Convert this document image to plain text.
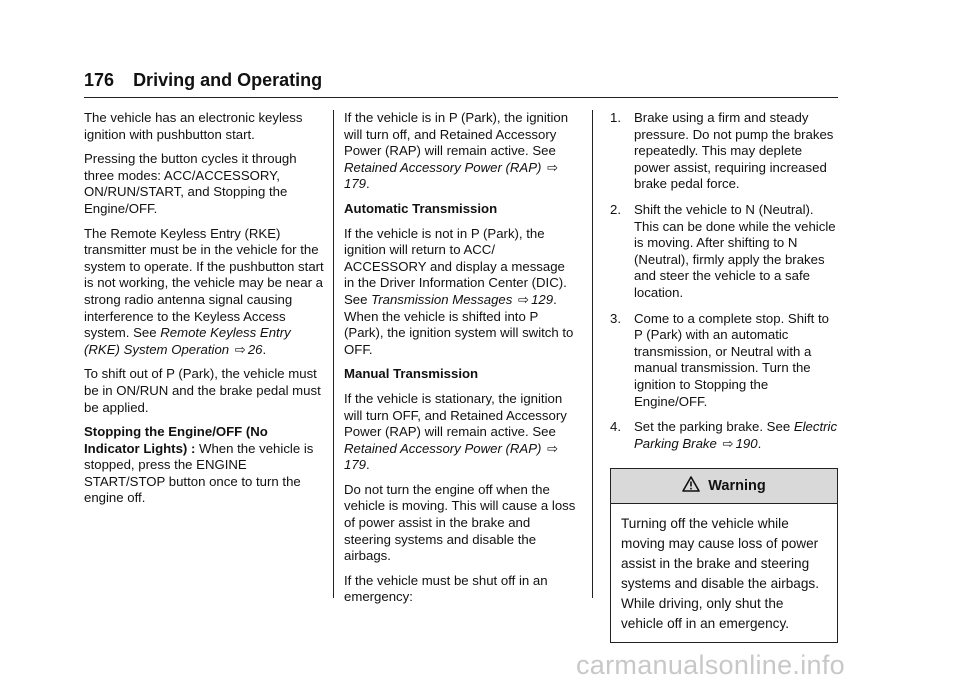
176 Driving and Operating

The vehicle has an electronic keyless ignition with pushbutton start.

Pressing the button cycles it through three modes: ACC/ACCESSORY, ON/RUN/START, and Stopping the Engine/OFF.

The Remote Keyless Entry (RKE) transmitter must be in the vehicle for the system to operate. If the pushbutton start is not working, the vehicle may be near a strong radio antenna signal causing interference to the Keyless Access system. See Remote Keyless Entry (RKE) System Operation ⇨ 26.

To shift out of P (Park), the vehicle must be in ON/RUN and the brake pedal must be applied.

Stopping the Engine/OFF (No Indicator Lights) : When the vehicle is stopped, press the ENGINE START/STOP button once to turn the engine off.

If the vehicle is in P (Park), the ignition will turn off, and Retained Accessory Power (RAP) will remain active. See Retained Accessory Power (RAP) ⇨179.

Automatic Transmission

If the vehicle is not in P (Park), the ignition will return to ACC/ ACCESSORY and display a message in the Driver Information Center (DIC). See Transmission Messages ⇨ 129. When the vehicle is shifted into P (Park), the ignition system will switch to OFF.

Manual Transmission

If the vehicle is stationary, the ignition will turn OFF, and Retained Accessory Power (RAP) will remain active. See Retained Accessory Power (RAP) ⇨179.

Do not turn the engine off when the vehicle is moving. This will cause a loss of power assist in the brake and steering systems and disable the airbags.

If the vehicle must be shut off in an emergency:

1. Brake using a firm and steady pressure. Do not pump the brakes repeatedly. This may deplete power assist, requiring increased brake pedal force.
2. Shift the vehicle to N (Neutral). This can be done while the vehicle is moving. After shifting to N (Neutral), firmly apply the brakes and steer the vehicle to a safe location.
3. Come to a complete stop. Shift to P (Park) with an automatic transmission, or Neutral with a manual transmission. Turn the ignition to Stopping the Engine/OFF.
4. Set the parking brake. See Electric Parking Brake ⇨ 190.
Warning
Turning off the vehicle while moving may cause loss of power assist in the brake and steering systems and disable the airbags. While driving, only shut the vehicle off in an emergency.
carmanualsonline.info
